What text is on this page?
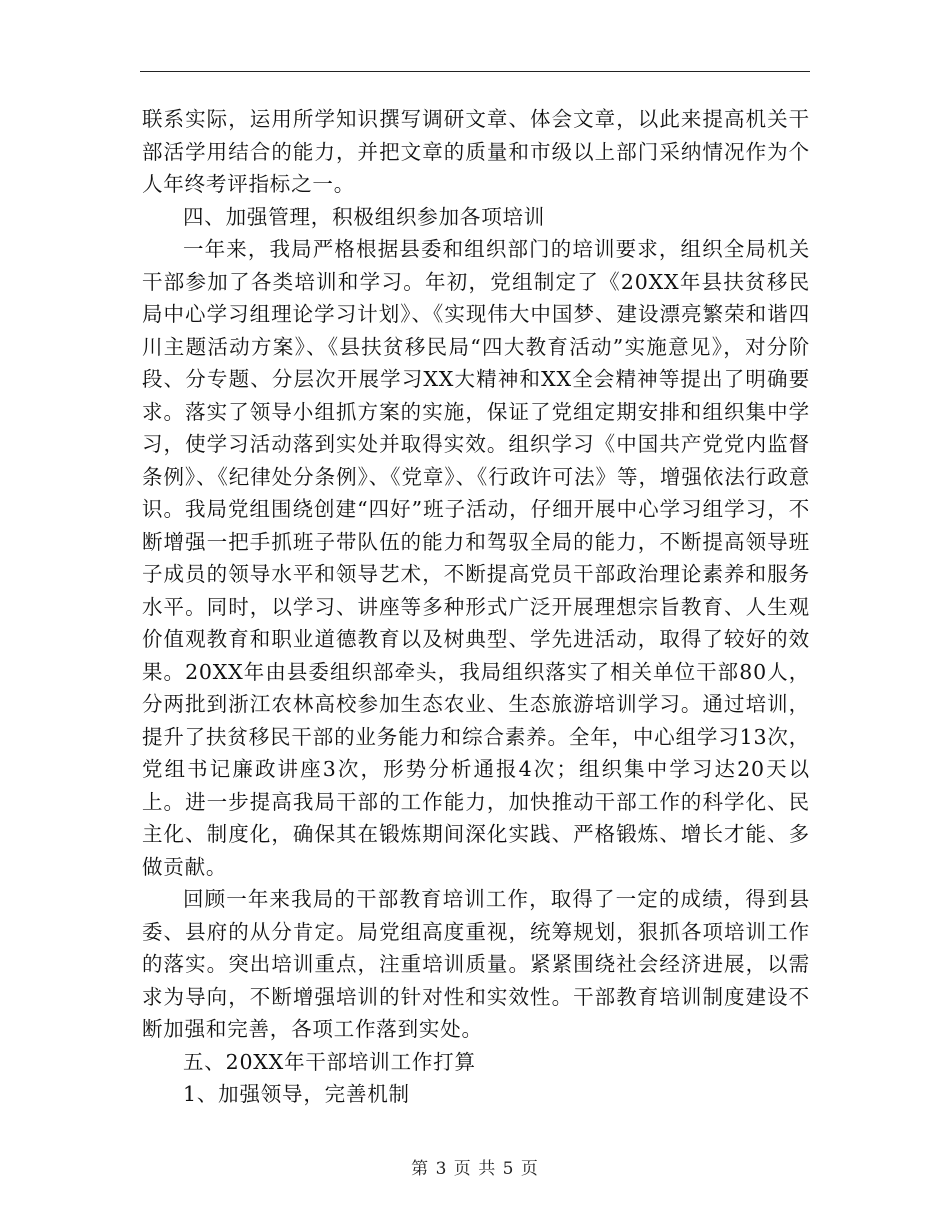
联系实际，运用所学知识撰写调研文章、体会文章，以此来提高机关干部活学用结合的能力，并把文章的质量和市级以上部门采纳情况作为个人年终考评指标之一。

四、加强管理，积极组织参加各项培训

一年来，我局严格根据县委和组织部门的培训要求，组织全局机关干部参加了各类培训和学习。年初，党组制定了《20XX年县扶贫移民局中心学习组理论学习计划》、《实现伟大中国梦、建设漂亮繁荣和谐四川主题活动方案》、《县扶贫移民局“四大教育活动”实施意见》，对分阶段、分专题、分层次开展学习XX大精神和XX全会精神等提出了明确要求。落实了领导小组抓方案的实施，保证了党组定期安排和组织集中学习，使学习活动落到实处并取得实效。组织学习《中国共产党党内监督条例》、《纪律处分条例》、《党章》、《行政许可法》等，增强依法行政意识。我局党组围绕创建“四好”班子活动，仔细开展中心学习组学习，不断增强一把手抓班子带队伍的能力和驾驭全局的能力，不断提高领导班子成员的领导水平和领导艺术，不断提高党员干部政治理论素养和服务水平。同时，以学习、讲座等多种形式广泛开展理想宗旨教育、人生观价值观教育和职业道德教育以及树典型、学先进活动，取得了较好的效果。20XX年由县委组织部牵头，我局组织落实了相关单位干部80人，分两批到浙江农林高校参加生态农业、生态旅游培训学习。通过培训，提升了扶贫移民干部的业务能力和综合素养。全年，中心组学习13次，党组书记廉政讲座3次，形势分析通报4次；组织集中学习达20天以上。进一步提高我局干部的工作能力，加快推动干部工作的科学化、民主化、制度化，确保其在锻炼期间深化实践、严格锻炼、增长才能、多做贡献。

回顾一年来我局的干部教育培训工作，取得了一定的成绩，得到县委、县府的从分肯定。局党组高度重视，统筹规划，狠抓各项培训工作的落实。突出培训重点，注重培训质量。紧紧围绕社会经济进展，以需求为导向，不断增强培训的针对性和实效性。干部教育培训制度建设不断加强和完善，各项工作落到实处。

五、20XX年干部培训工作打算

1、加强领导，完善机制

第 3 页 共 5 页
